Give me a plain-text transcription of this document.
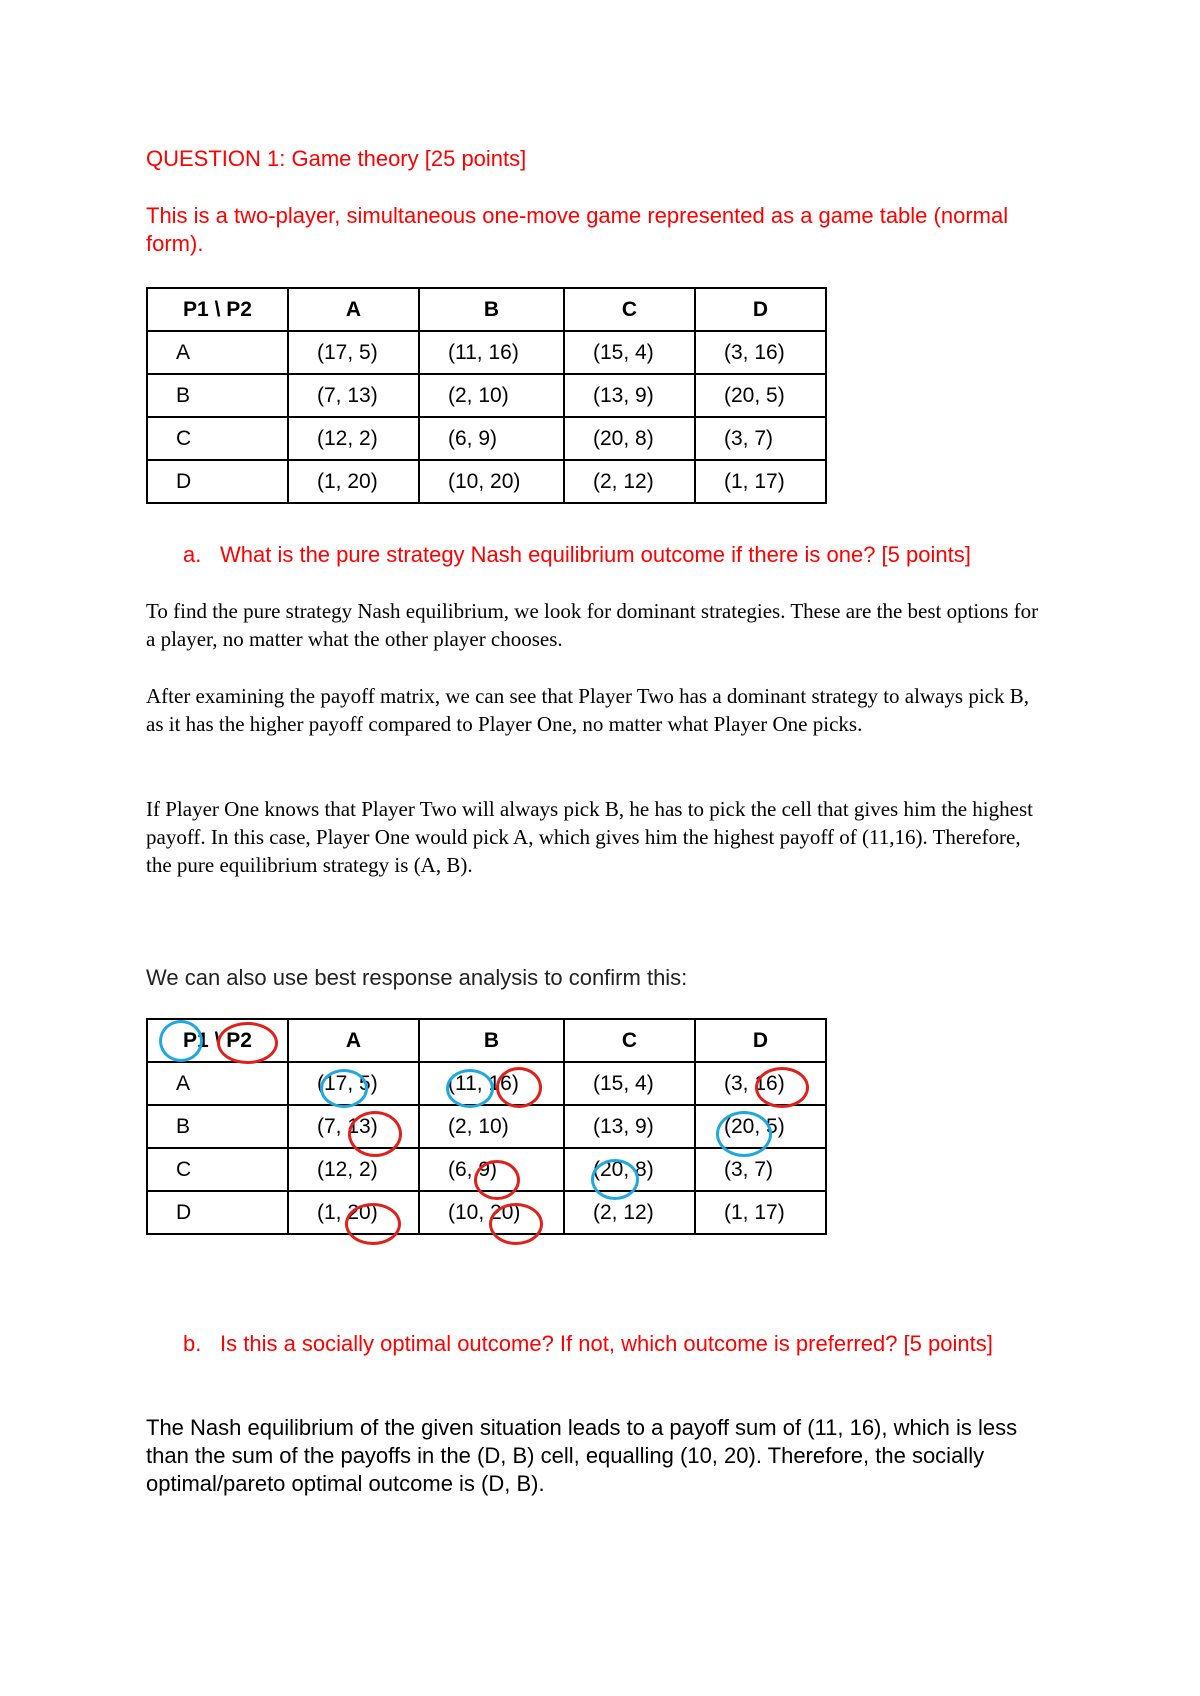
QUESTION 1: Game theory [25 points]

This is a two-player, simultaneous one-move game represented as a game table (normal form).

P1 \ P2	A	B	C	D
A	(17, 5)	(11, 16)	(15, 4)	(3, 16)
B	(7, 13)	(2, 10)	(13, 9)	(20, 5)
C	(12, 2)	(6, 9)	(20, 8)	(3, 7)
D	(1, 20)	(10, 20)	(2, 12)	(1, 17)
a. What is the pure strategy Nash equilibrium outcome if there is one? [5 points]

To find the pure strategy Nash equilibrium, we look for dominant strategies. These are the best options for a player, no matter what the other player chooses.

After examining the payoff matrix, we can see that Player Two has a dominant strategy to always pick B, as it has the higher payoff compared to Player One, no matter what Player One picks.

If Player One knows that Player Two will always pick B, he has to pick the cell that gives him the highest payoff. In this case, Player One would pick A, which gives him the highest payoff of (11,16). Therefore, the pure equilibrium strategy is (A, B).

We can also use best response analysis to confirm this:

P1 \ P2	A	B	C	D
A	(17, 5)	(11, 16)	(15, 4)	(3, 16)
B	(7, 13)	(2, 10)	(13, 9)	(20, 5)
C	(12, 2)	(6, 9)	(20, 8)	(3, 7)
D	(1, 20)	(10, 20)	(2, 12)	(1, 17)
b. Is this a socially optimal outcome? If not, which outcome is preferred? [5 points]

The Nash equilibrium of the given situation leads to a payoff sum of (11, 16), which is less than the sum of the payoffs in the (D, B) cell, equalling (10, 20). Therefore, the socially optimal/pareto optimal outcome is (D, B).
